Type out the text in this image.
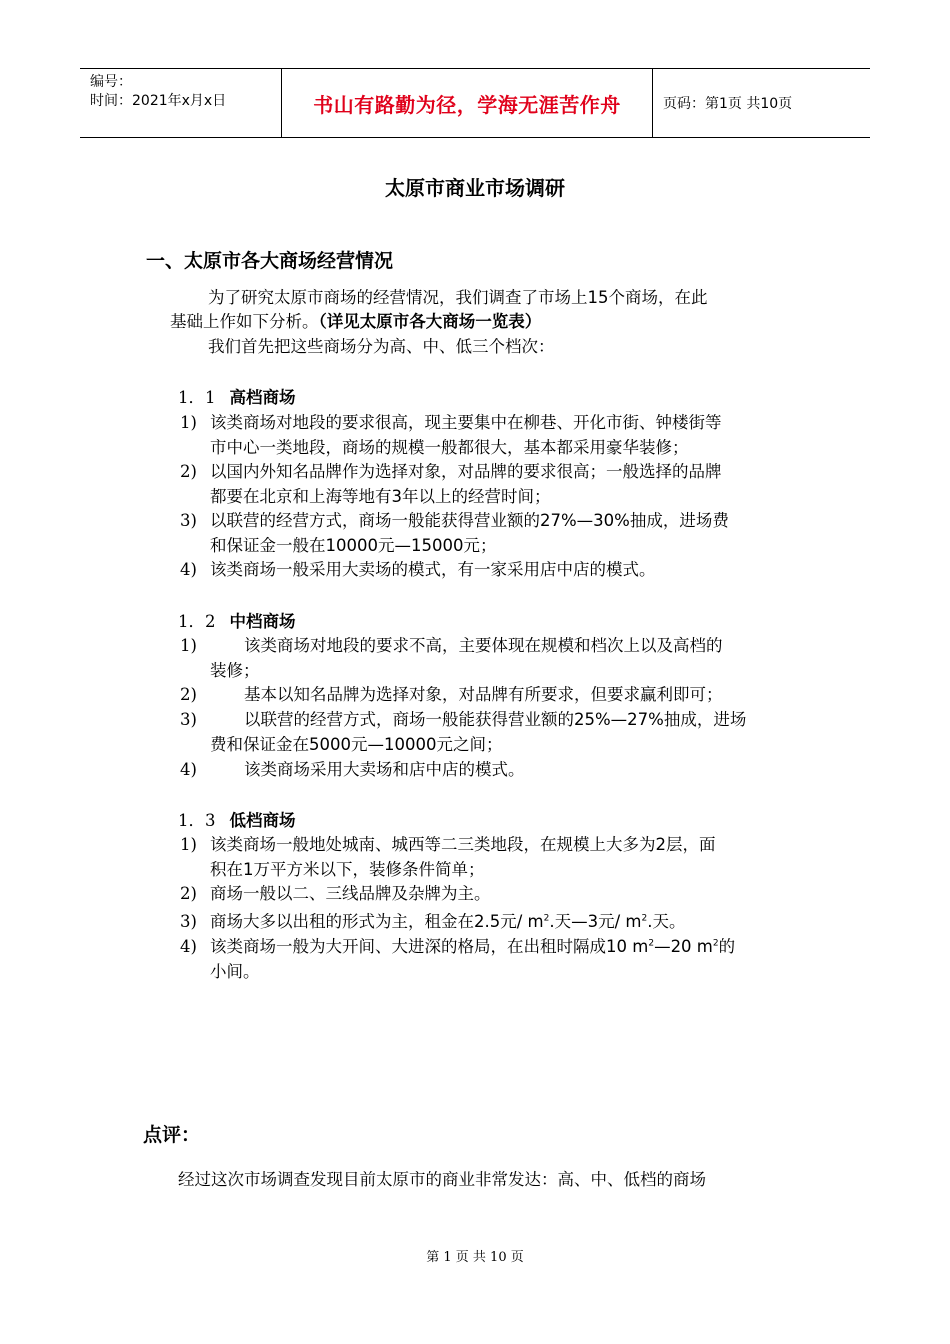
编号：
时间：2021年x月x日	书山有路勤为径，学海无涯苦作舟	页码：第1页 共10页
太原市商业市场调研
一、太原市各大商场经营情况
为了研究太原市商场的经营情况，我们调查了市场上15个商场，在此
基础上作如下分析。（详见太原市各大商场一览表）
我们首先把这些商场分为高、中、低三个档次：
1．1 高档商场
1) 该类商场对地段的要求很高，现主要集中在柳巷、开化市街、钟楼街等
市中心一类地段，商场的规模一般都很大，基本都采用豪华装修；
2) 以国内外知名品牌作为选择对象，对品牌的要求很高；一般选择的品牌
都要在北京和上海等地有3年以上的经营时间；
3) 以联营的经营方式，商场一般能获得营业额的27%—30%抽成，进场费
和保证金一般在10000元—15000元；
4) 该类商场一般采用大卖场的模式，有一家采用店中店的模式。
1．2 中档商场
1)	该类商场对地段的要求不高，主要体现在规模和档次上以及高档的
装修；
2)	基本以知名品牌为选择对象，对品牌有所要求，但要求赢利即可；
3)	以联营的经营方式，商场一般能获得营业额的25%—27%抽成，进场
费和保证金在5000元—10000元之间；
4)	该类商场采用大卖场和店中店的模式。
1．3 低档商场
1) 该类商场一般地处城南、城西等二三类地段，在规模上大多为2层，面
积在1万平方米以下，装修条件简单；
2) 商场一般以二、三线品牌及杂牌为主。
3) 商场大多以出租的形式为主，租金在2.5元/ $m^2$.天—3元/ $m^2$.天。
4) 该类商场一般为大开间、大进深的格局，在出租时隔成10 $m^2—20$ $m^2$的
小间。
点评：
经过这次市场调查发现目前太原市的商业非常发达：高、中、低档的商场
第 1 页 共 10 页
